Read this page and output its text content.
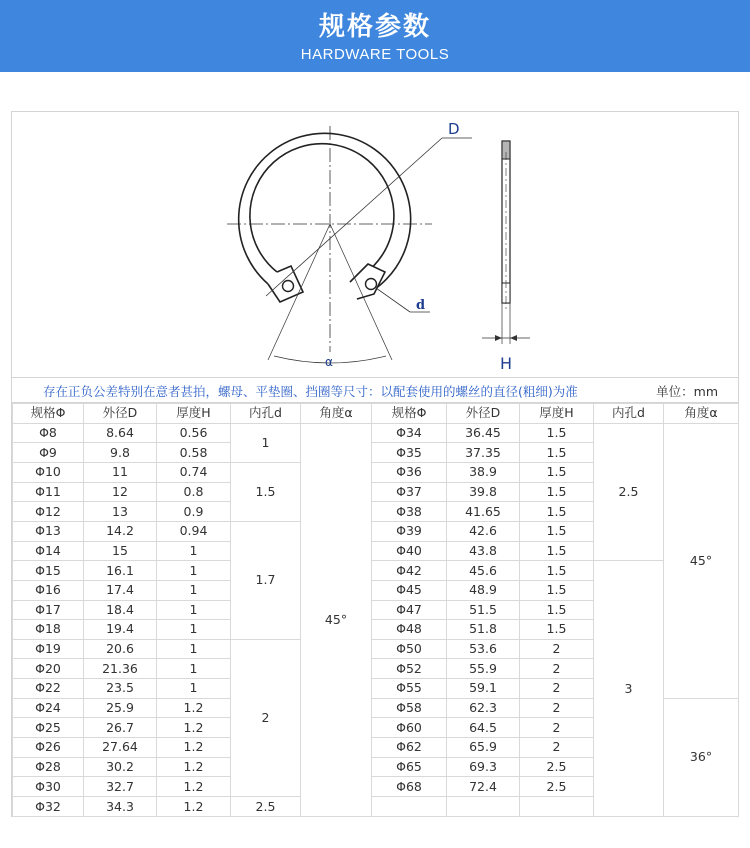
规格参数
HARDWARE TOOLS
D
d
α	H
存在正负公差特别在意者甚拍，螺母、平垫圈、挡圈等尺寸：以配套使用的螺丝的直径(粗细)为准	单位：mm
规格Φ	外径D	厚度H	内孔d	角度α	规格Φ	外径D	厚度H	内孔d	角度α
Φ8	8.64	0.56	1	45°	Φ34	36.45	1.5	2.5	45°
Φ9	9.8	0.58			Φ35	37.35	1.5		
Φ10	11	0.74	1.5		Φ36	38.9	1.5		
Φ11	12	0.8			Φ37	39.8	1.5		
Φ12	13	0.9			Φ38	41.65	1.5		
Φ13	14.2	0.94	1.7		Φ39	42.6	1.5		
Φ14	15	1			Φ40	43.8	1.5		
Φ15	16.1	1			Φ42	45.6	1.5	3	
Φ16	17.4	1			Φ45	48.9	1.5		
Φ17	18.4	1			Φ47	51.5	1.5		
Φ18	19.4	1			Φ48	51.8	1.5		
Φ19	20.6	1	2		Φ50	53.6	2		
Φ20	21.36	1			Φ52	55.9	2		
Φ22	23.5	1			Φ55	59.1	2		
Φ24	25.9	1.2			Φ58	62.3	2		36°
Φ25	26.7	1.2			Φ60	64.5	2		
Φ26	27.64	1.2			Φ62	65.9	2		
Φ28	30.2	1.2			Φ65	69.3	2.5		
Φ30	32.7	1.2			Φ68	72.4	2.5		
Φ32	34.3	1.2	2.5						
